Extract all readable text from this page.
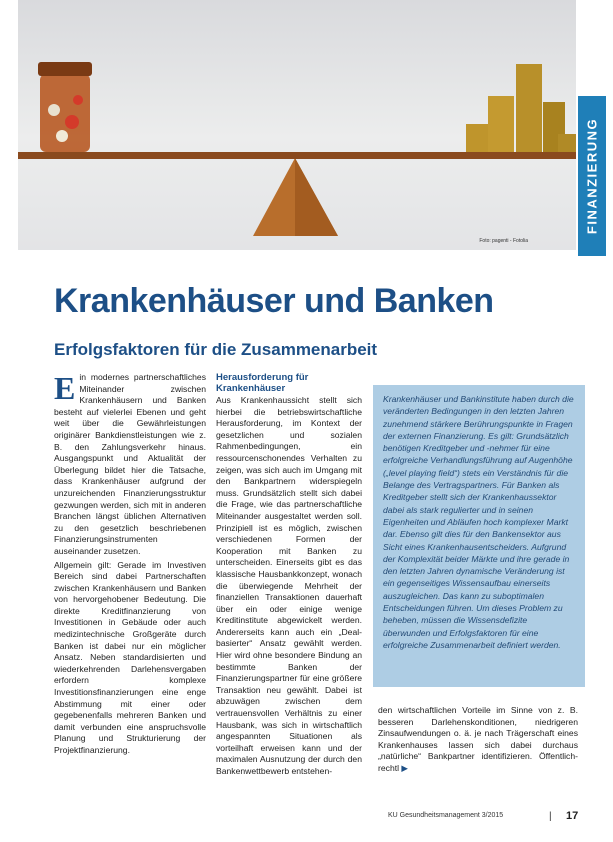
Foto: pagenti - Fotolia
FINANZIERUNG
Krankenhäuser und Banken
Erfolgsfaktoren für die Zusammenarbeit

Ein modernes partnerschaftliches Miteinander zwischen Krankenhäusern und Banken besteht auf vielerlei Ebenen und geht weit über die Gewährleistungen originärer Bankdienstleistungen wie z. B. den Zahlungsverkehr hinaus. Ausgangspunkt und Aktualität der Überlegung bildet hier die Tatsache, dass Krankenhäuser aufgrund der unzureichenden Finanzierungsstruktur gezwungen werden, sich mit in anderen Branchen längst üblichen Alternativen zu den gesetzlich beschriebenen Finanzierungsinstrumenten auseinander zusetzen.

Allgemein gilt: Gerade im Investiven Bereich sind dabei Partnerschaften zwischen Krankenhäusern und Banken von hervorgehobener Bedeutung. Die direkte Kreditfinanzierung von Investitionen in Gebäude oder auch medizintechnische Großgeräte durch Banken ist dabei nur ein möglicher Ansatz. Neben standardisierten und wiederkehrenden Darlehensvergaben erfordern komplexe Investitionsfinanzierungen eine enge Abstimmung mit einer oder gegebenenfalls mehreren Banken und damit verbunden eine anspruchsvolle Planung und Strukturierung der Projektfinanzierung.

Herausforderung für Krankenhäuser

Aus Krankenhaussicht stellt sich hierbei die betriebswirtschaftliche Herausforderung, im Kontext der gesetzlichen und sozialen Rahmenbedingungen, ein ressourcenschonendes Verhalten zu zeigen, was sich auch im Umgang mit den Bankpartnern widerspiegeln muss. Grundsätzlich stellt sich dabei die Frage, wie das partnerschaftliche Miteinander ausgestaltet werden soll. Prinzipiell ist es möglich, zwischen verschiedenen Formen der Kooperation mit Banken zu unterscheiden. Einerseits gibt es das klassische Hausbankkonzept, wonach die überwiegende Mehrheit der finanziellen Transaktionen dauerhaft über ein oder einige wenige Kreditinstitute abgewickelt werden. Andererseits kann auch ein „Deal-basierter“ Ansatz gewählt werden. Hier wird ohne besondere Bindung an bestimmte Banken der Finanzierungspartner für eine größere Transaktion neu gewählt. Dabei ist abzuwägen zwischen dem vertrauensvollen Verhältnis zu einer Hausbank, was sich in wirtschaftlich angespannten Situationen als vorteilhaft erweisen kann und der maximalen Ausnutzung der durch den Bankenwettbewerb entstehen-

Krankenhäuser und Bankinstitute haben durch die veränderten Bedingungen in den letzten Jahren zunehmend stärkere Berührungspunkte in Fragen der externen Finanzierung. Es gilt: Grundsätzlich benötigen Kreditgeber und -nehmer für eine erfolgreiche Verhandlungsführung auf Augenhöhe („level playing field“) stets ein Verständnis für die Belange des Vertragspartners. Für Banken als Kreditgeber stellt sich der Krankenhaussektor dabei als stark regulierter und in seinen Eigenheiten und Abläufen hoch komplexer Markt dar. Ebenso gilt dies für den Bankensektor aus Sicht eines Krankenhausentscheiders. Aufgrund der Komplexität beider Märkte und ihre gerade in den letzten Jahren dynamische Veränderung ist ein gegenseitiges Wissensaufbau einerseits auszugleichen. Das kann zu suboptimalen Entscheidungen führen. Um dieses Problem zu beheben, müssen die Wissensdefizite überwunden und Erfolgsfaktoren für eine erfolgreiche Zusammenarbeit definiert werden.

den wirtschaftlichen Vorteile im Sinne von z. B. besseren Darlehenskonditionen, niedrigeren Zinsaufwendungen o. ä. je nach Trägerschaft eines Krankenhauses lassen sich dabei durchaus „natürliche“ Bankpartner identifizieren. Öffentlich-rechtl ▶

KU Gesundheitsmanagement 3/2015	| 17
